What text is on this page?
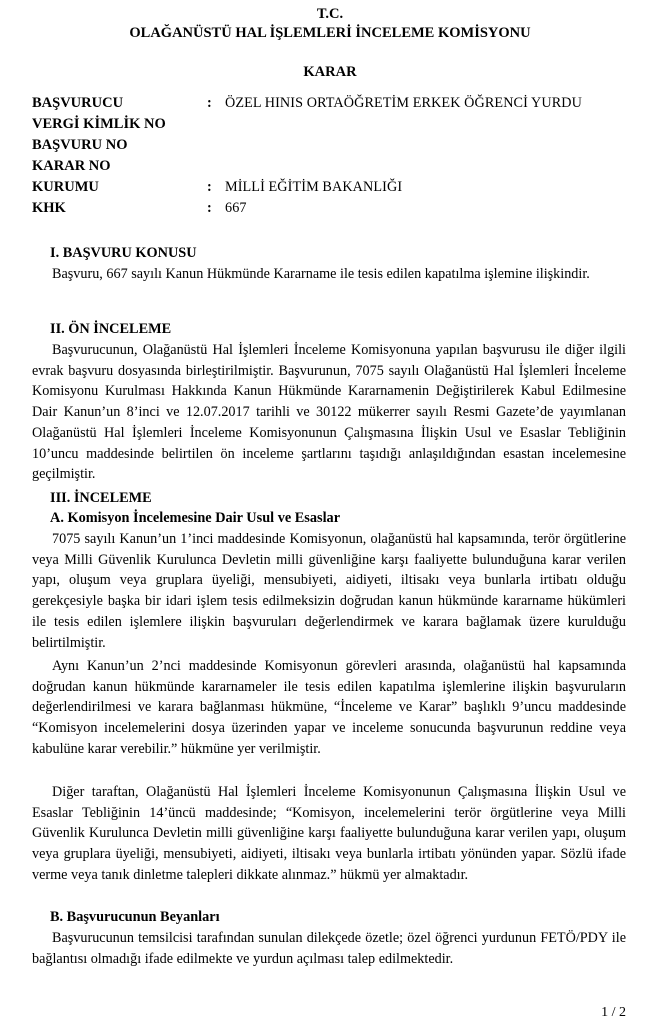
T.C.
OLAĞANÜSTÜ HAL İŞLEMLERİ İNCELEME KOMİSYONU
KARAR
BAŞVURUCU	: ÖZEL HINIS ORTAÖĞRETİM ERKEK ÖĞRENCİ YURDU
VERGİ KİMLİK NO
BAŞVURU NO
KARAR NO
KURUMU	: MİLLİ EĞİTİM BAKANLIĞI
KHK	: 667
I. BAŞVURU KONUSU

Başvuru, 667 sayılı Kanun Hükmünde Kararname ile tesis edilen kapatılma işlemine ilişkindir.

II. ÖN İNCELEME

Başvurucunun, Olağanüstü Hal İşlemleri İnceleme Komisyonuna yapılan başvurusu ile diğer ilgili evrak başvuru dosyasında birleştirilmiştir. Başvurunun, 7075 sayılı Olağanüstü Hal İşlemleri İnceleme Komisyonu Kurulması Hakkında Kanun Hükmünde Kararnamenin Değiştirilerek Kabul Edilmesine Dair Kanun’un 8’inci ve 12.07.2017 tarihli ve 30122 mükerrer sayılı Resmi Gazete’de yayımlanan Olağanüstü Hal İşlemleri İnceleme Komisyonunun Çalışmasına İlişkin Usul ve Esaslar Tebliğinin 10’uncu maddesinde belirtilen ön inceleme şartlarını taşıdığı anlaşıldığından esastan incelemesine geçilmiştir.

III. İNCELEME
A. Komisyon İncelemesine Dair Usul ve Esaslar

7075 sayılı Kanun’un 1’inci maddesinde Komisyonun, olağanüstü hal kapsamında, terör örgütlerine veya Milli Güvenlik Kurulunca Devletin milli güvenliğine karşı faaliyette bulunduğuna karar verilen yapı, oluşum veya gruplara üyeliği, mensubiyeti, aidiyeti, iltisakı veya bunlarla irtibatı olduğu gerekçesiyle başka bir idari işlem tesis edilmeksizin doğrudan kanun hükmünde kararname hükümleri ile tesis edilen işlemlere ilişkin başvuruları değerlendirmek ve karara bağlamak üzere kurulduğu belirtilmiştir.

Aynı Kanun’un 2’nci maddesinde Komisyonun görevleri arasında, olağanüstü hal kapsamında doğrudan kanun hükmünde kararnameler ile tesis edilen kapatılma işlemlerine ilişkin başvuruların değerlendirilmesi ve karara bağlanması hükmüne, “İnceleme ve Karar” başlıklı 9’uncu maddesinde “Komisyon incelemelerini dosya üzerinden yapar ve inceleme sonucunda başvurunun reddine veya kabulüne karar verebilir.” hükmüne yer verilmiştir.

Diğer taraftan, Olağanüstü Hal İşlemleri İnceleme Komisyonunun Çalışmasına İlişkin Usul ve Esaslar Tebliğinin 14’üncü maddesinde; “Komisyon, incelemelerini terör örgütlerine veya Milli Güvenlik Kurulunca Devletin milli güvenliğine karşı faaliyette bulunduğuna karar verilen yapı, oluşum veya gruplara üyeliği, mensubiyeti, aidiyeti, iltisakı veya bunlarla irtibatı yönünden yapar. Sözlü ifade verme veya tanık dinletme talepleri dikkate alınmaz.” hükmü yer almaktadır.

B. Başvurucunun Beyanları

Başvurucunun temsilcisi tarafından sunulan dilekçede özetle; özel öğrenci yurdunun FETÖ/PDY ile bağlantısı olmadığı ifade edilmekte ve yurdun açılması talep edilmektedir.

1 / 2
